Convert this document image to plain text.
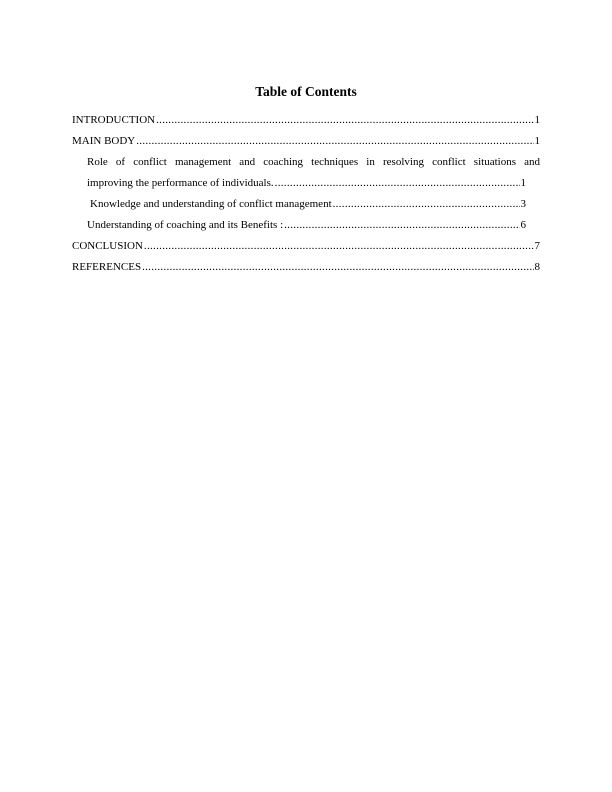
Table of Contents
INTRODUCTION .....	1
MAIN BODY .....	1
Role of conflict management and coaching techniques in resolving conflict situations and
improving the performance of individuals. .....	1
Knowledge and understanding of conflict management .....	3
Understanding of coaching and its Benefits : .....	6
CONCLUSION .....	7
REFERENCES .....	8
